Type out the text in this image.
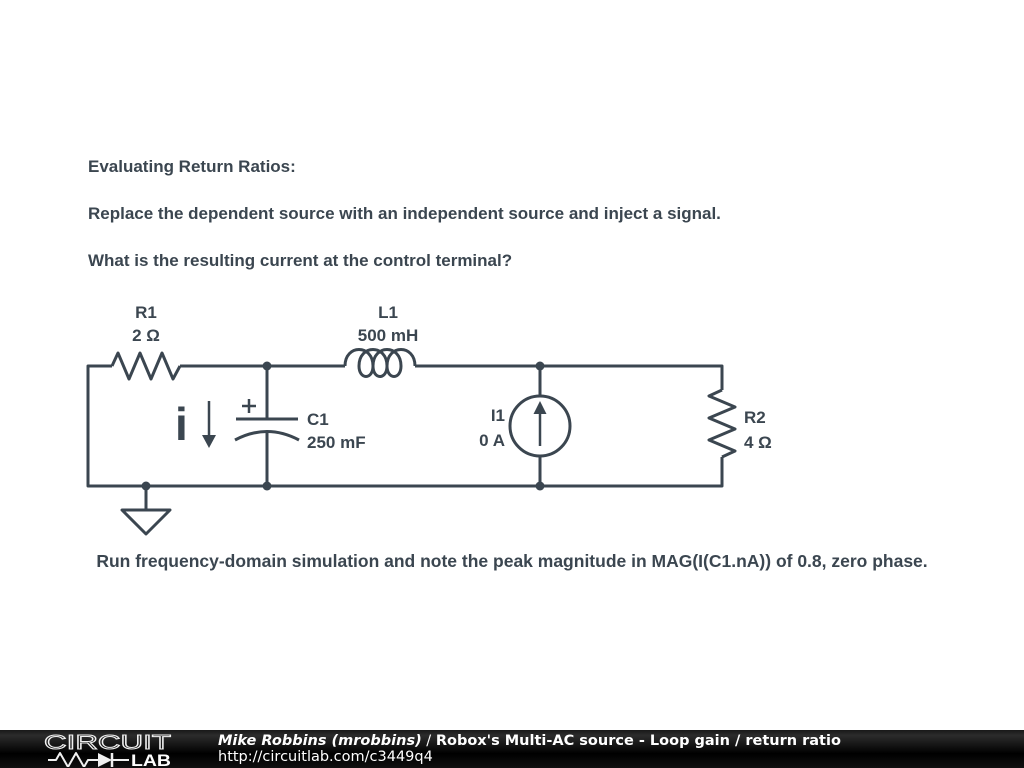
Evaluating Return Ratios:
Replace the dependent source with an independent source and inject a signal.
What is the resulting current at the control terminal?
i
R1
2 Ω
L1
500 mH
C1
250 mF
I1
0 A
R2
4 Ω
Run frequency-domain simulation and note the peak magnitude in MAG(I(C1.nA)) of 0.8, zero phase.
CIRCUIT
LAB
Mike Robbins (mrobbins) / Robox's Multi-AC source - Loop gain / return ratio
http://circuitlab.com/c3449q4
